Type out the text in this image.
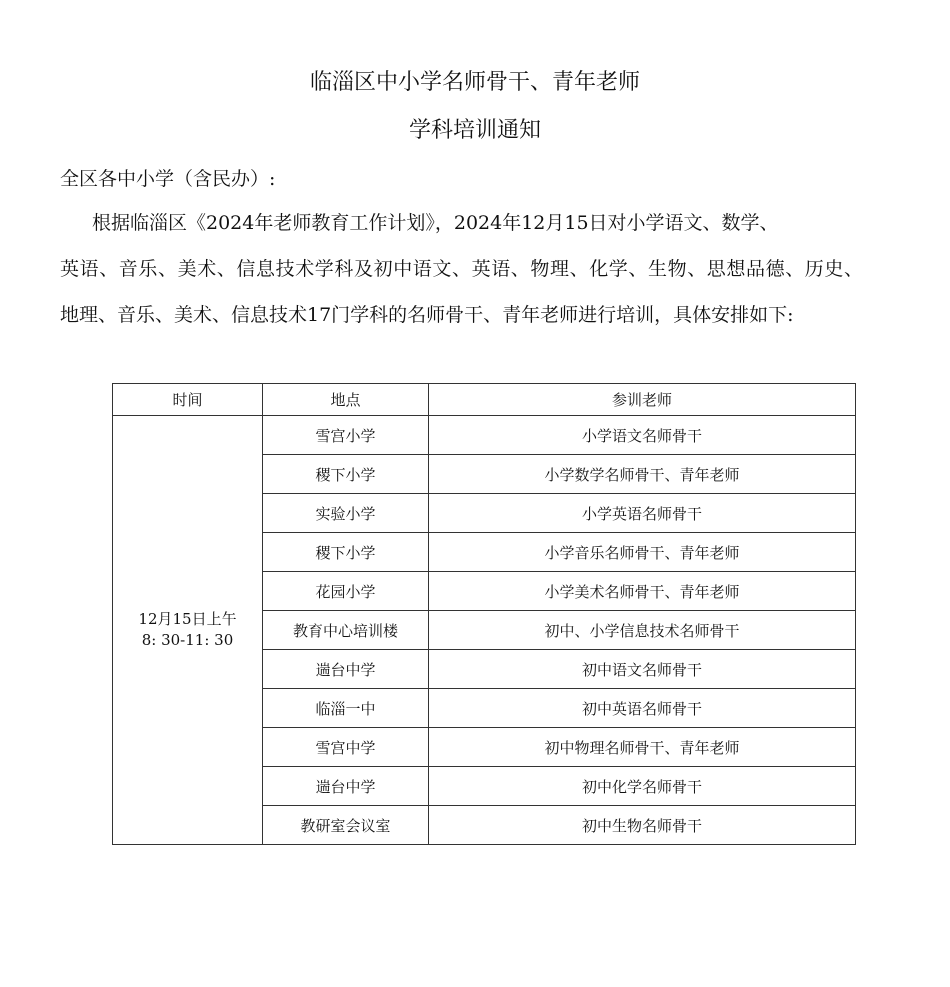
临淄区中小学名师骨干、青年老师
学科培训通知
全区各中小学（含民办）:
根据临淄区《2024年老师教育工作计划》，2024年12月15日对小学语文、数学、
英语、音乐、美术、信息技术学科及初中语文、英语、物理、化学、生物、思想品德、历史、
地理、音乐、美术、信息技术17门学科的名师骨干、青年老师进行培训，具体安排如下:
时间	地点	参训老师

12月15日上午
8: 30-11: 30	雪宫小学	小学语文名师骨干
	稷下小学	小学数学名师骨干、青年老师
	实验小学	小学英语名师骨干
	稷下小学	小学音乐名师骨干、青年老师
	花园小学	小学美术名师骨干、青年老师
	教育中心培训楼	初中、小学信息技术名师骨干
	遄台中学	初中语文名师骨干
	临淄一中	初中英语名师骨干
	雪宫中学	初中物理名师骨干、青年老师
	遄台中学	初中化学名师骨干
	教研室会议室	初中生物名师骨干
